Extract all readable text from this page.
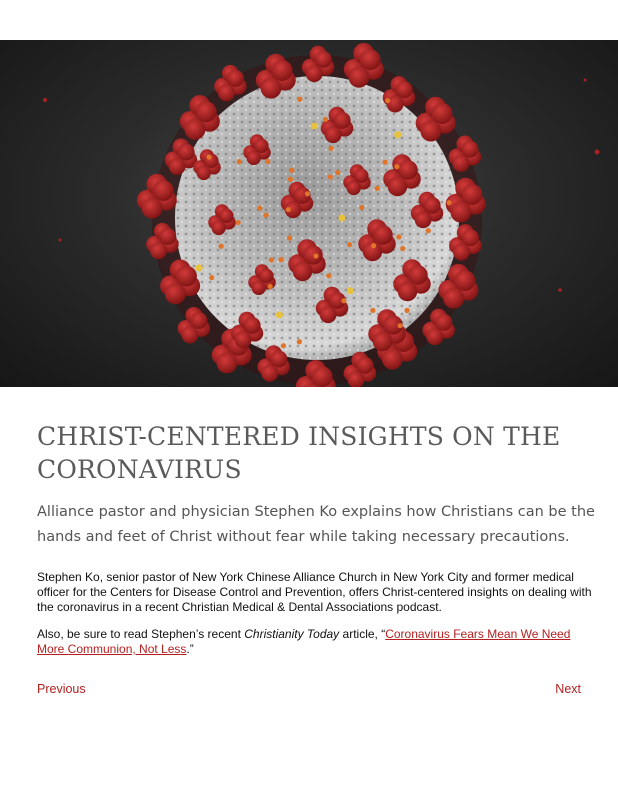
CHRIST-CENTERED INSIGHTS ON THE CORONAVIRUS

Alliance pastor and physician Stephen Ko explains how Christians can be the hands and feet of Christ without fear while taking necessary precautions.

Stephen Ko, senior pastor of New York Chinese Alliance Church in New York City and former medical officer for the Centers for Disease Control and Prevention, offers Christ-centered insights on dealing with the coronavirus in a recent Christian Medical & Dental Associations podcast.

Also, be sure to read Stephen’s recent Christianity Today article, “Coronavirus Fears Mean We Need More Communion, Not Less.”

Previous	Next
